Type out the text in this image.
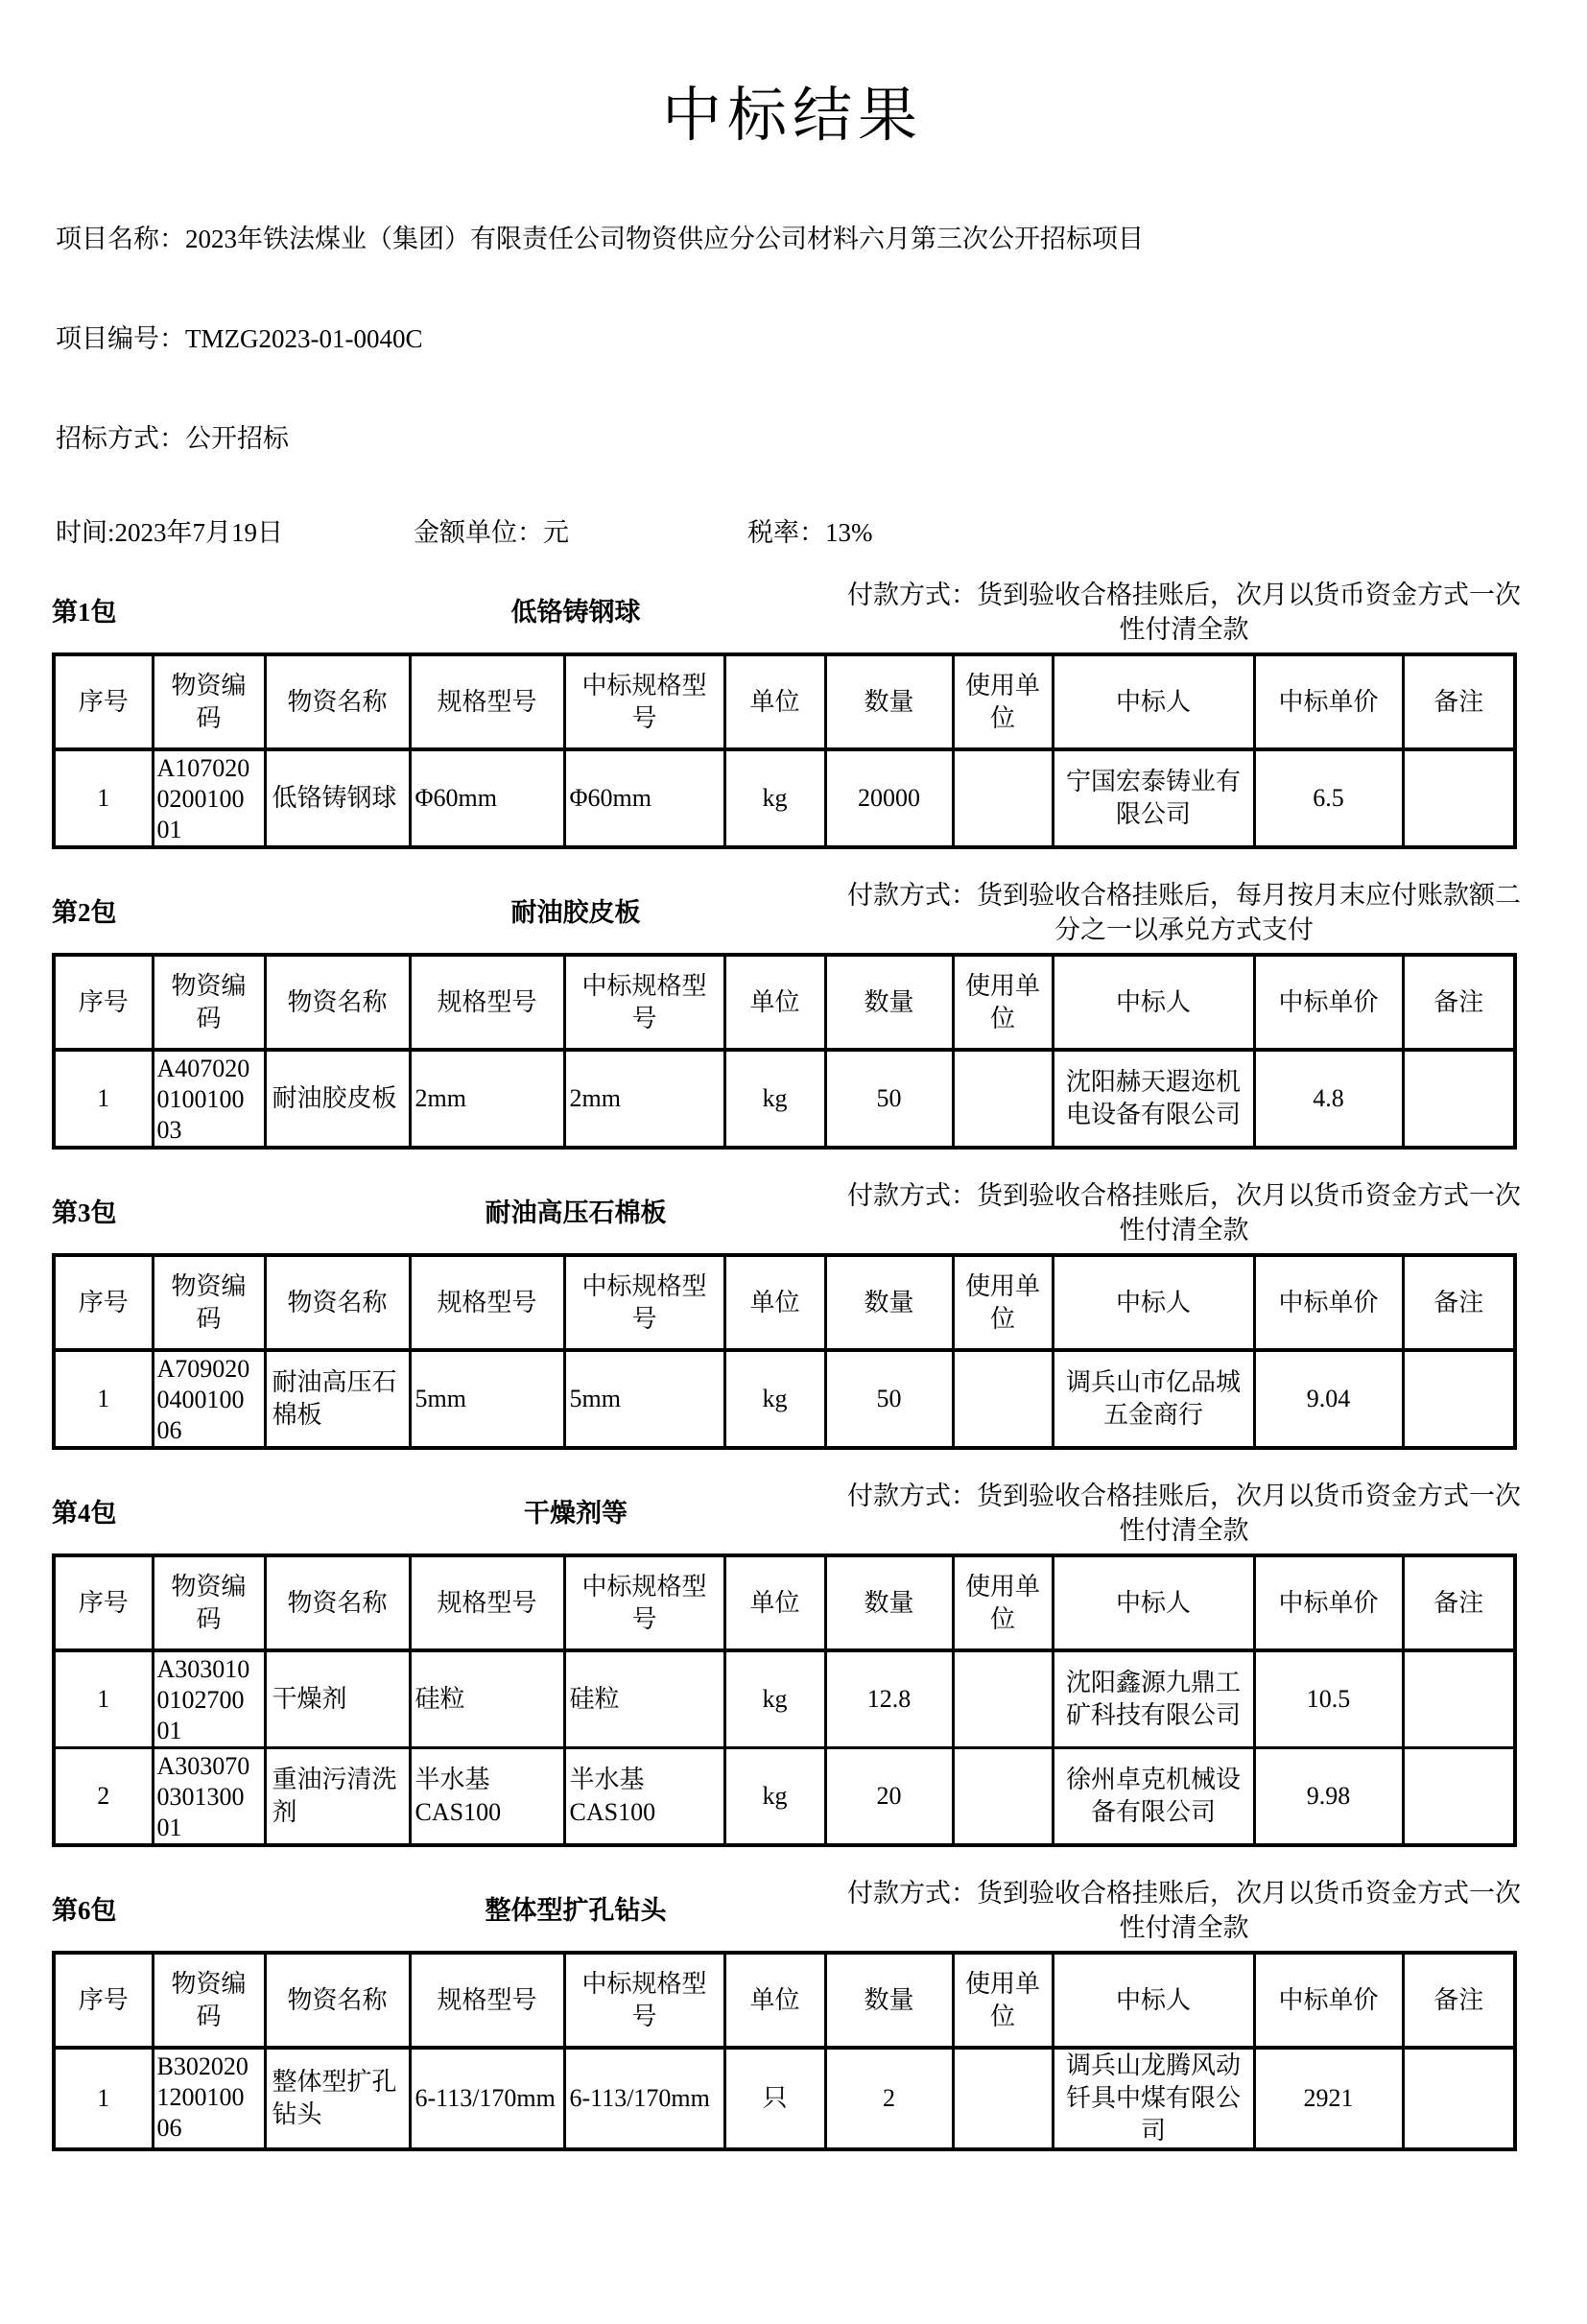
中标结果
项目名称：2023年铁法煤业（集团）有限责任公司物资供应分公司材料六月第三次公开招标项目
项目编号：TMZG2023-01-0040C
招标方式：公开招标
时间:2023年7月19日	金额单位：元	税率：13%
第1包	低铬铸钢球
付款方式：货到验收合格挂账后，次月以货币资金方式一次性付清全款
序号	物资编码	物资名称	规格型号	中标规格型号	单位	数量	使用单位	中标人	中标单价	备注
1	A107020020010001	低铬铸钢球	Φ60mm	Φ60mm	kg	20000		宁国宏泰铸业有限公司	6.5	
第2包	耐油胶皮板
付款方式：货到验收合格挂账后，每月按月末应付账款额二分之一以承兑方式支付
序号	物资编码	物资名称	规格型号	中标规格型号	单位	数量	使用单位	中标人	中标单价	备注
1	A407020010010003	耐油胶皮板	2mm	2mm	kg	50		沈阳赫天遐迩机电设备有限公司	4.8	
第3包	耐油高压石棉板
付款方式：货到验收合格挂账后，次月以货币资金方式一次性付清全款
序号	物资编码	物资名称	规格型号	中标规格型号	单位	数量	使用单位	中标人	中标单价	备注
1	A709020040010006	耐油高压石棉板	5mm	5mm	kg	50		调兵山市亿品城五金商行	9.04	
第4包	干燥剂等
付款方式：货到验收合格挂账后，次月以货币资金方式一次性付清全款
序号	物资编码	物资名称	规格型号	中标规格型号	单位	数量	使用单位	中标人	中标单价	备注
1	A303010010270001	干燥剂	硅粒	硅粒	kg	12.8		沈阳鑫源九鼎工矿科技有限公司	10.5	
2	A303070030130001	重油污清洗剂	半水基CAS100	半水基CAS100	kg	20		徐州卓克机械设备有限公司	9.98	
第6包	整体型扩孔钻头
付款方式：货到验收合格挂账后，次月以货币资金方式一次性付清全款
序号	物资编码	物资名称	规格型号	中标规格型号	单位	数量	使用单位	中标人	中标单价	备注
1	B302020120010006	整体型扩孔钻头	6-113/170mm	6-113/170mm	只	2		调兵山龙腾风动钎具中煤有限公司	2921	
